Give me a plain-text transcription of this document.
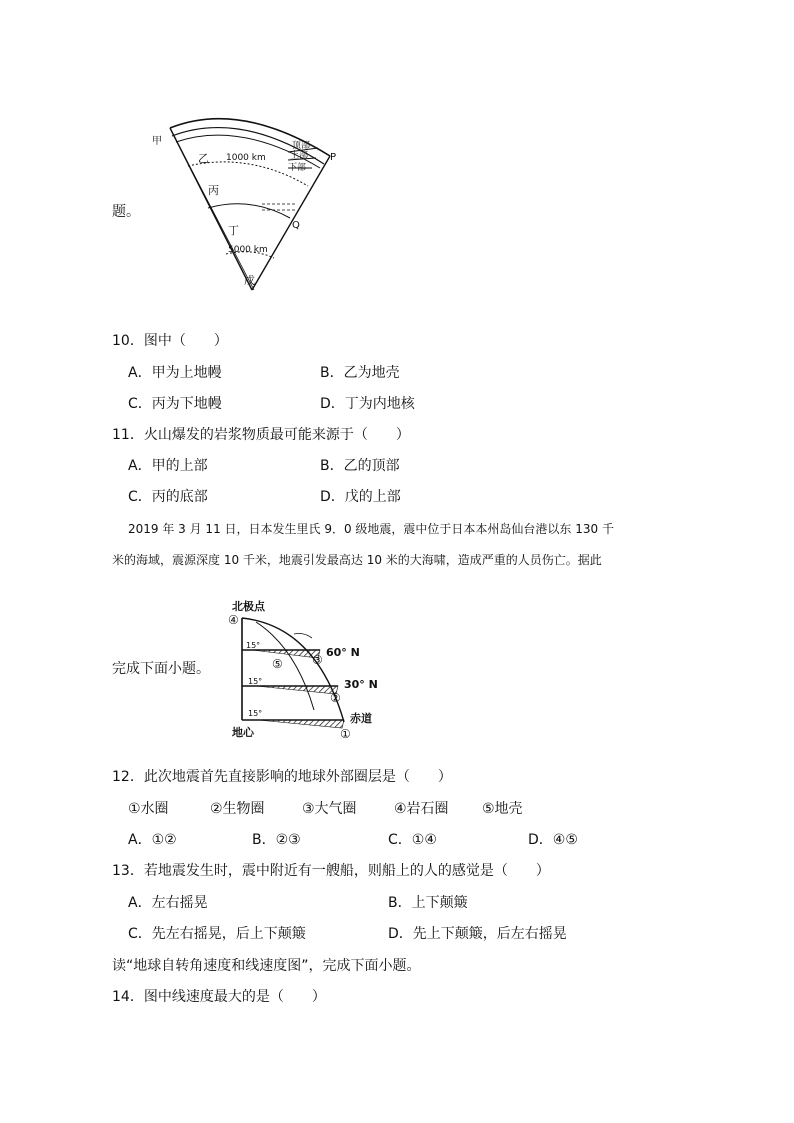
甲
乙 1000 km
顶部
上部
下部
P
丙
Q
丁
5000 km
戊
题。
10．图中（　　）
A．甲为上地幔	B．乙为地壳
C．丙为下地幔	D．丁为内地核
11．火山爆发的岩浆物质最可能来源于（　　）
A．甲的上部	B．乙的顶部
C．丙的底部	D．戊的上部
2019 年 3 月 11 日，日本发生里氏 9．0 级地震，震中位于日本本州岛仙台港以东 130 千
米的海域，震源深度 10 千米，地震引发最高达 10 米的大海啸，造成严重的人员伤亡。据此
北极点
④
15°
⑤ ③
60° N
15°	30° N
②
15°	赤道
地心	①
完成下面小题。
12．此次地震首先直接影响的地球外部圈层是（　　）
①水圈	②生物圈	③大气圈	④岩石圈 ⑤地壳
A．①②	B．②③	C．①④	D．④⑤
13．若地震发生时，震中附近有一艘船，则船上的人的感觉是（　　）
A．左右摇晃	B．上下颠簸
C．先左右摇晃，后上下颠簸	D．先上下颠簸，后左右摇晃
读“地球自转角速度和线速度图”，完成下面小题。
14．图中线速度最大的是（　　）
